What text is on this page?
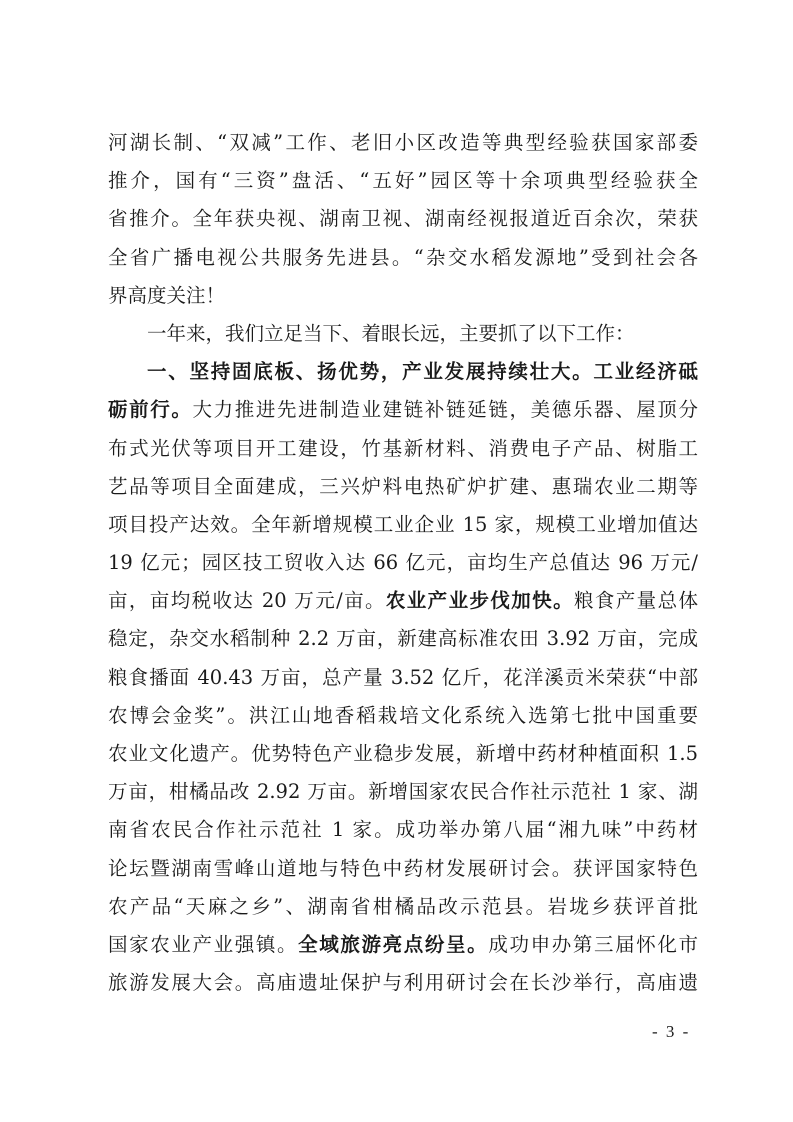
河湖长制、“双减”工作、老旧小区改造等典型经验获国家部委
推介，国有“三资”盘活、“五好”园区等十余项典型经验获全
省推介。全年获央视、湖南卫视、湖南经视报道近百余次，荣获
全省广播电视公共服务先进县。“杂交水稻发源地”受到社会各
界高度关注！
一年来，我们立足当下、着眼长远，主要抓了以下工作：
一、坚持固底板、扬优势，产业发展持续壮大。工业经济砥
砺前行。大力推进先进制造业建链补链延链，美德乐器、屋顶分
布式光伏等项目开工建设，竹基新材料、消费电子产品、树脂工
艺品等项目全面建成，三兴炉料电热矿炉扩建、惠瑞农业二期等
项目投产达效。全年新增规模工业企业 15 家，规模工业增加值达
19 亿元；园区技工贸收入达 66 亿元，亩均生产总值达 96 万元/
亩，亩均税收达 20 万元/亩。农业产业步伐加快。粮食产量总体
稳定，杂交水稻制种 2.2 万亩，新建高标准农田 3.92 万亩，完成
粮食播面 40.43 万亩，总产量 3.52 亿斤，花洋溪贡米荣获“中部
农博会金奖”。洪江山地香稻栽培文化系统入选第七批中国重要
农业文化遗产。优势特色产业稳步发展，新增中药材种植面积 1.5
万亩，柑橘品改 2.92 万亩。新增国家农民合作社示范社 1 家、湖
南省农民合作社示范社 1 家。成功举办第八届“湘九味”中药材
论坛暨湖南雪峰山道地与特色中药材发展研讨会。获评国家特色
农产品“天麻之乡”、湖南省柑橘品改示范县。岩垅乡获评首批
国家农业产业强镇。全域旅游亮点纷呈。成功申办第三届怀化市
旅游发展大会。高庙遗址保护与利用研讨会在长沙举行，高庙遗
- 3 -
